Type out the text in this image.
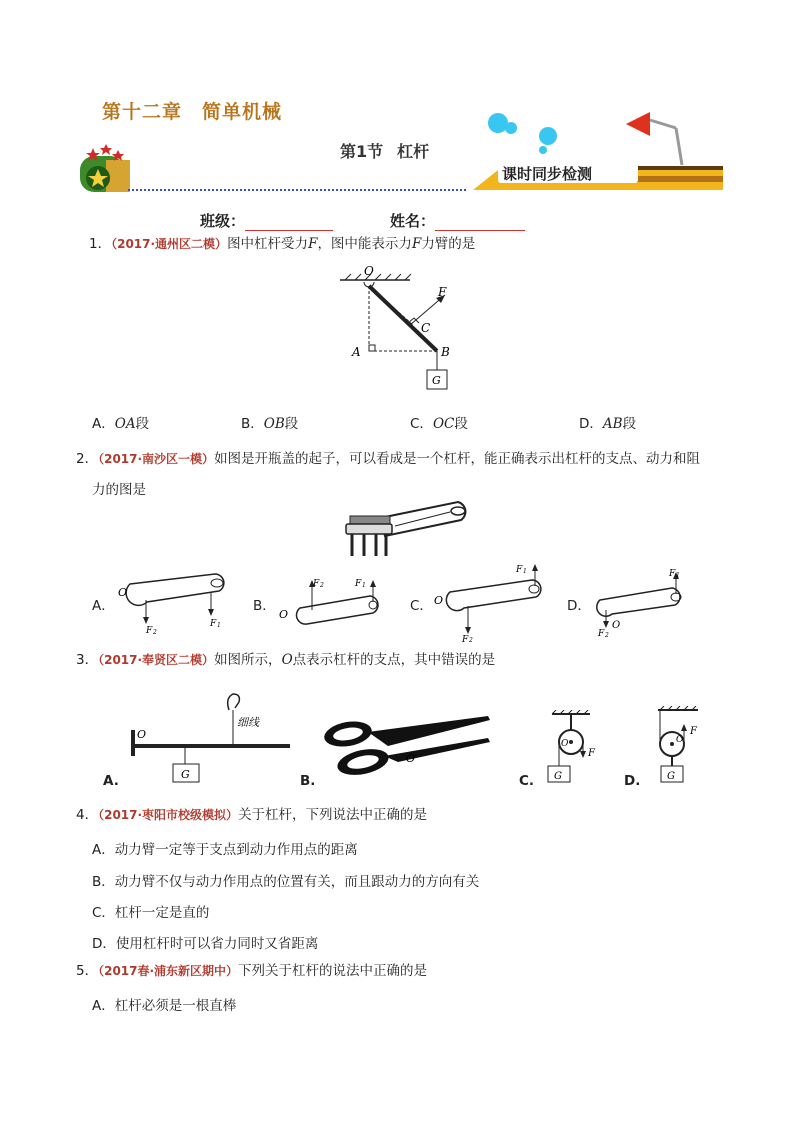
第十二章 简单机械
第1节 杠杆
课时同步检测
班级：	姓名：
1．（2017·通州区二模）图中杠杆受力F，图中能表示力F力臂的是
O
F
C
A	B
G
A．OA段	B．OB段	C．OC段	D．AB段
2．（2017·南沙区一模）如图是开瓶盖的起子，可以看成是一个杠杆，能正确表示出杠杆的支点、动力和阻
力的图是
A．
O
F 2
F 1
B．
O
F 2	F 1
C． O
F 1
F 2
D．
F 1
F 2
O
3．（2017·奉贤区二模）如图所示，O点表示杠杆的支点，其中错误的是
A.
O
G
细线
B.
O
C.
O
F
G	D.
O
F
G
4．（2017·枣阳市校级模拟）关于杠杆，下列说法中正确的是
A．动力臂一定等于支点到动力作用点的距离
B．动力臂不仅与动力作用点的位置有关，而且跟动力的方向有关
C．杠杆一定是直的
D．使用杠杆时可以省力同时又省距离
5．（2017春·浦东新区期中）下列关于杠杆的说法中正确的是
A．杠杆必须是一根直棒
